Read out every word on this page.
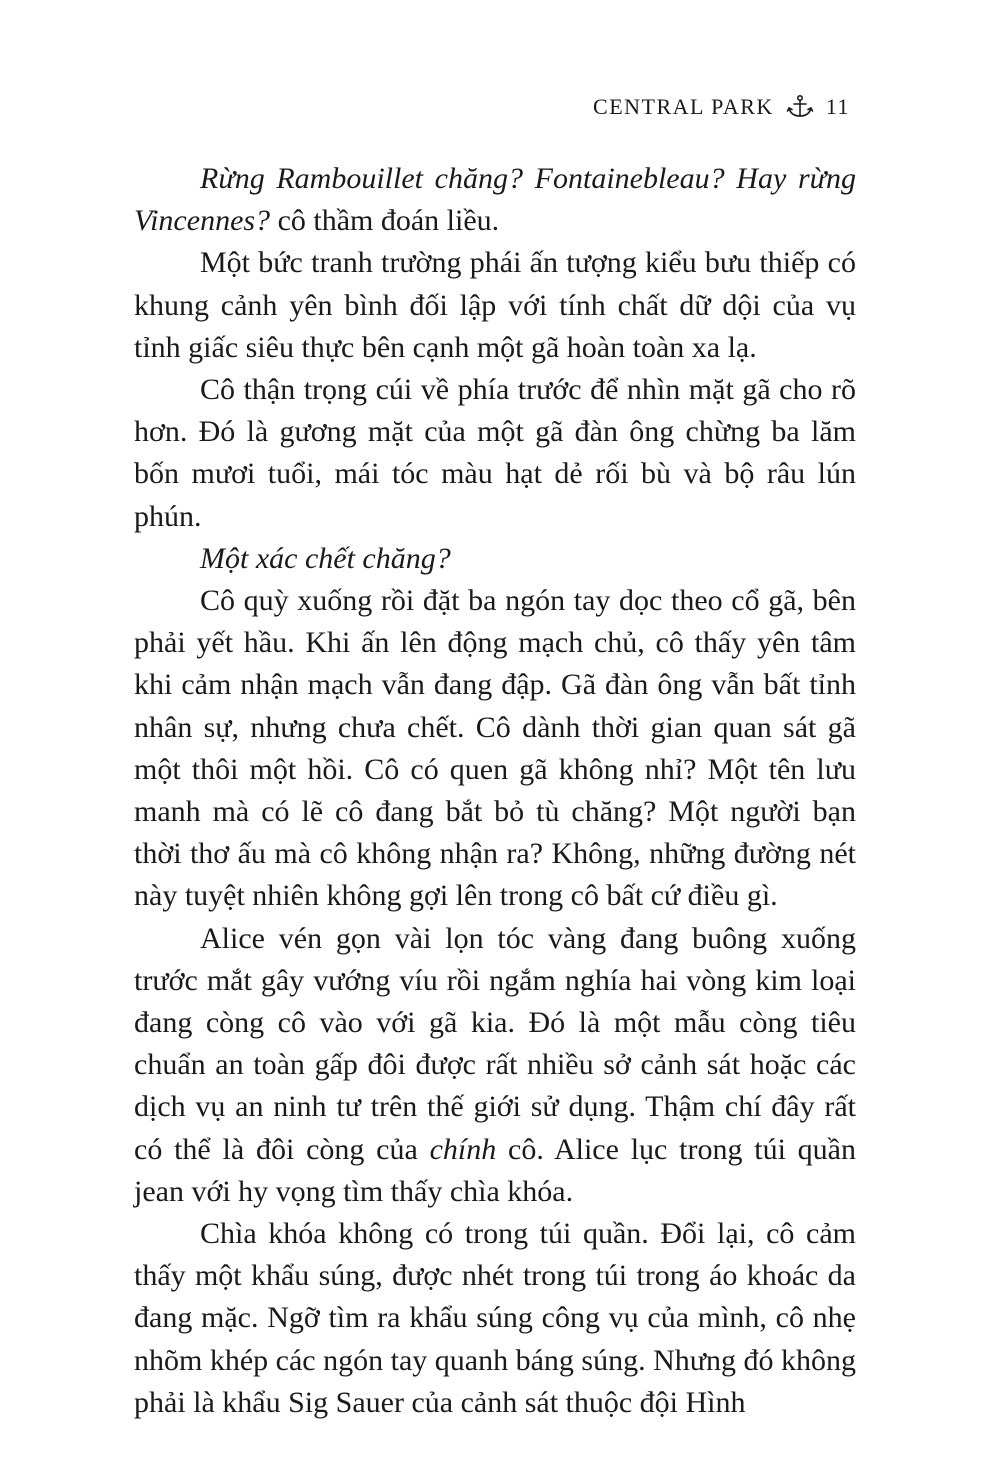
CENTRAL PARK 11

Rừng Rambouillet chăng? Fontainebleau? Hay rừng Vincennes? cô thầm đoán liều.

Một bức tranh trường phái ấn tượng kiểu bưu thiếp có khung cảnh yên bình đối lập với tính chất dữ dội của vụ tỉnh giấc siêu thực bên cạnh một gã hoàn toàn xa lạ.

Cô thận trọng cúi về phía trước để nhìn mặt gã cho rõ hơn. Đó là gương mặt của một gã đàn ông chừng ba lăm bốn mươi tuổi, mái tóc màu hạt dẻ rối bù và bộ râu lún phún.

Một xác chết chăng?

Cô quỳ xuống rồi đặt ba ngón tay dọc theo cổ gã, bên phải yết hầu. Khi ấn lên động mạch chủ, cô thấy yên tâm khi cảm nhận mạch vẫn đang đập. Gã đàn ông vẫn bất tỉnh nhân sự, nhưng chưa chết. Cô dành thời gian quan sát gã một thôi một hồi. Cô có quen gã không nhỉ? Một tên lưu manh mà có lẽ cô đang bắt bỏ tù chăng? Một người bạn thời thơ ấu mà cô không nhận ra? Không, những đường nét này tuyệt nhiên không gợi lên trong cô bất cứ điều gì.

Alice vén gọn vài lọn tóc vàng đang buông xuống trước mắt gây vướng víu rồi ngắm nghía hai vòng kim loại đang còng cô vào với gã kia. Đó là một mẫu còng tiêu chuẩn an toàn gấp đôi được rất nhiều sở cảnh sát hoặc các dịch vụ an ninh tư trên thế giới sử dụng. Thậm chí đây rất có thể là đôi còng của chính cô. Alice lục trong túi quần jean với hy vọng tìm thấy chìa khóa.

Chìa khóa không có trong túi quần. Đổi lại, cô cảm thấy một khẩu súng, được nhét trong túi trong áo khoác da đang mặc. Ngỡ tìm ra khẩu súng công vụ của mình, cô nhẹ nhõm khép các ngón tay quanh báng súng. Nhưng đó không phải là khẩu Sig Sauer của cảnh sát thuộc đội Hình
